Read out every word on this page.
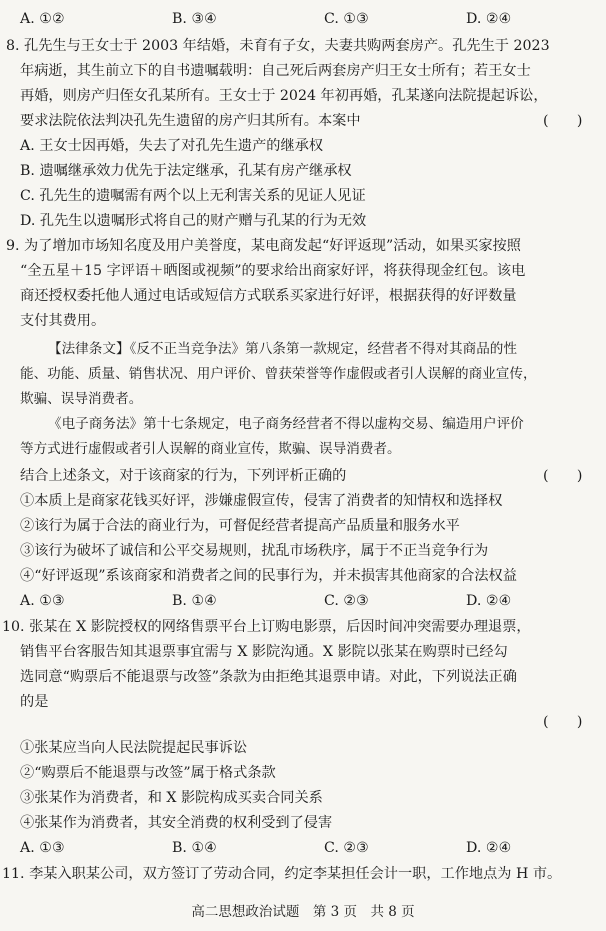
A. ①②	B. ③④	C. ①③	D. ②④
8. 孔先生与王女士于 2003 年结婚，未育有子女，夫妻共购两套房产。孔先生于 2023
年病逝，其生前立下的自书遗嘱载明：自己死后两套房产归王女士所有；若王女士
再婚，则房产归侄女孔某所有。王女士于 2024 年初再婚，孔某遂向法院提起诉讼，
要求法院依法判决孔先生遗留的房产归其所有。本案中	(　　)
A. 王女士因再婚，失去了对孔先生遗产的继承权
B. 遗嘱继承效力优先于法定继承，孔某有房产继承权
C. 孔先生的遗嘱需有两个以上无利害关系的见证人见证
D. 孔先生以遗嘱形式将自己的财产赠与孔某的行为无效
9. 为了增加市场知名度及用户美誉度，某电商发起“好评返现”活动，如果买家按照
“全五星＋15 字评语＋晒图或视频”的要求给出商家好评，将获得现金红包。该电
商还授权委托他人通过电话或短信方式联系买家进行好评，根据获得的好评数量
支付其费用。
【法律条文】《反不正当竞争法》第八条第一款规定，经营者不得对其商品的性
能、功能、质量、销售状况、用户评价、曾获荣誉等作虚假或者引人误解的商业宣传，
欺骗、误导消费者。
《电子商务法》第十七条规定，电子商务经营者不得以虚构交易、编造用户评价
等方式进行虚假或者引人误解的商业宣传，欺骗、误导消费者。
结合上述条文，对于该商家的行为，下列评析正确的	(　　)
①本质上是商家花钱买好评，涉嫌虚假宣传，侵害了消费者的知情权和选择权
②该行为属于合法的商业行为，可督促经营者提高产品质量和服务水平
③该行为破坏了诚信和公平交易规则，扰乱市场秩序，属于不正当竞争行为
④“好评返现”系该商家和消费者之间的民事行为，并未损害其他商家的合法权益
A. ①③	B. ①④	C. ②③	D. ②④
10. 张某在 X 影院授权的网络售票平台上订购电影票，后因时间冲突需要办理退票，
销售平台客服告知其退票事宜需与 X 影院沟通。X 影院以张某在购票时已经勾
选同意“购票后不能退票与改签”条款为由拒绝其退票申请。对此，下列说法正确
的是
(　　)
①张某应当向人民法院提起民事诉讼
②“购票后不能退票与改签”属于格式条款
③张某作为消费者，和 X 影院构成买卖合同关系
④张某作为消费者，其安全消费的权利受到了侵害
A. ①③	B. ①④	C. ②③	D. ②④
11. 李某入职某公司，双方签订了劳动合同，约定李某担任会计一职，工作地点为 H 市。
高二思想政治试题　第 3 页　共 8 页
